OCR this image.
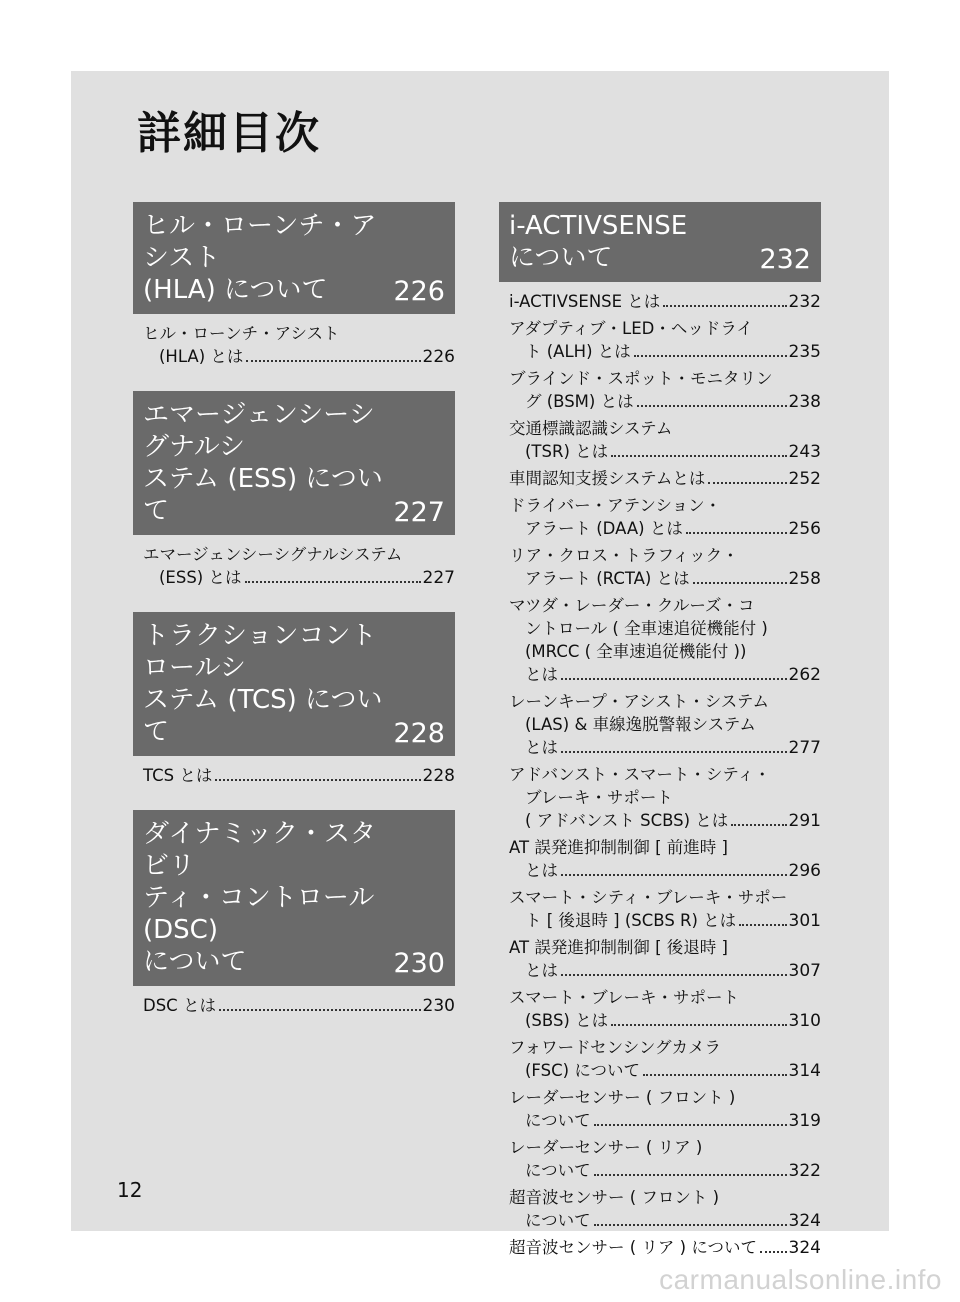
詳細目次
ヒル・ローンチ・アシスト
(HLA) について	226
ヒル・ローンチ・アシスト
(HLA) とは	226
エマージェンシーシグナルシ
ステム (ESS) について	227
エマージェンシーシグナルシステム
(ESS) とは	227
トラクションコントロールシ
ステム (TCS) について	228
TCS とは	228
ダイナミック・スタビリ
ティ・コントロール (DSC)
について	230
DSC とは	230
i-ACTIVSENSE
について	232
i-ACTIVSENSE とは	232
アダプティブ・LED・ヘッドライ
ト (ALH) とは	235
ブラインド・スポット・モニタリン
グ (BSM) とは	238
交通標識認識システム
(TSR) とは	243
車間認知支援システムとは	252
ドライバー・アテンション・
アラート (DAA) とは	256
リア・クロス・トラフィック・
アラート (RCTA) とは	258
マツダ・レーダー・クルーズ・コ
ントロール ( 全車速追従機能付 )
(MRCC ( 全車速追従機能付 ))
とは	262
レーンキープ・アシスト・システム
(LAS) & 車線逸脱警報システム
とは	277
アドバンスト・スマート・シティ・
ブレーキ・サポート
( アドバンスト SCBS) とは	291
AT 誤発進抑制制御 [ 前進時 ]
とは	296
スマート・シティ・ブレーキ・サポー
ト [ 後退時 ] (SCBS R) とは	301
AT 誤発進抑制制御 [ 後退時 ]
とは	307
スマート・ブレーキ・サポート
(SBS) とは	310
フォワードセンシングカメラ
(FSC) について	314
レーダーセンサー ( フロント )
について	319
レーダーセンサー ( リア )
について	322
超音波センサー ( フロント )
について	324
超音波センサー ( リア ) について 324
12
carmanualsonline.info
